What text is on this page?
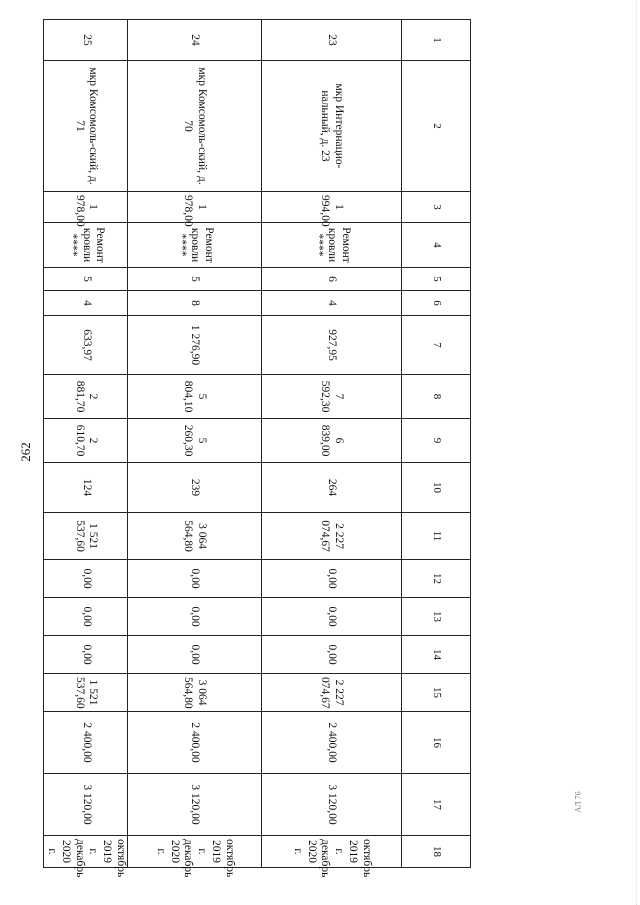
262
АЛ 76
1	2	3	4	5	6	7	8	9	10	11	12	13	14	15	16	17	18
23	мкр Интернацио-нальный, д. 23	1 994,00	Ремонт кровли ****	6	4	927,95	7 592,30	6 839,00	264	2 227 074,67	0,00	0,00	0,00	2 227 074,67	2 400,00	3 120,00	октябрь 2019 г. декабрь 2020 г.
24	мкр Комсомоль-ский, д. 70	1 978,00	Ремонт кровли ****	5	8	1 276,90	5 804,10	5 260,30	239	3 064 564,80	0,00	0,00	0,00	3 064 564,80	2 400,00	3 120,00	октябрь 2019 г. декабрь 2020 г.
25	мкр Комсомоль-ский, д. 71	1 978,00	Ремонт кровли ****	5	4	633,97	2 881,70	2 610,70	124	1 521 537,60	0,00	0,00	0,00	1 521 537,60	2 400,00	3 120,00	октябрь 2019 г. декабрь 2020 г.
